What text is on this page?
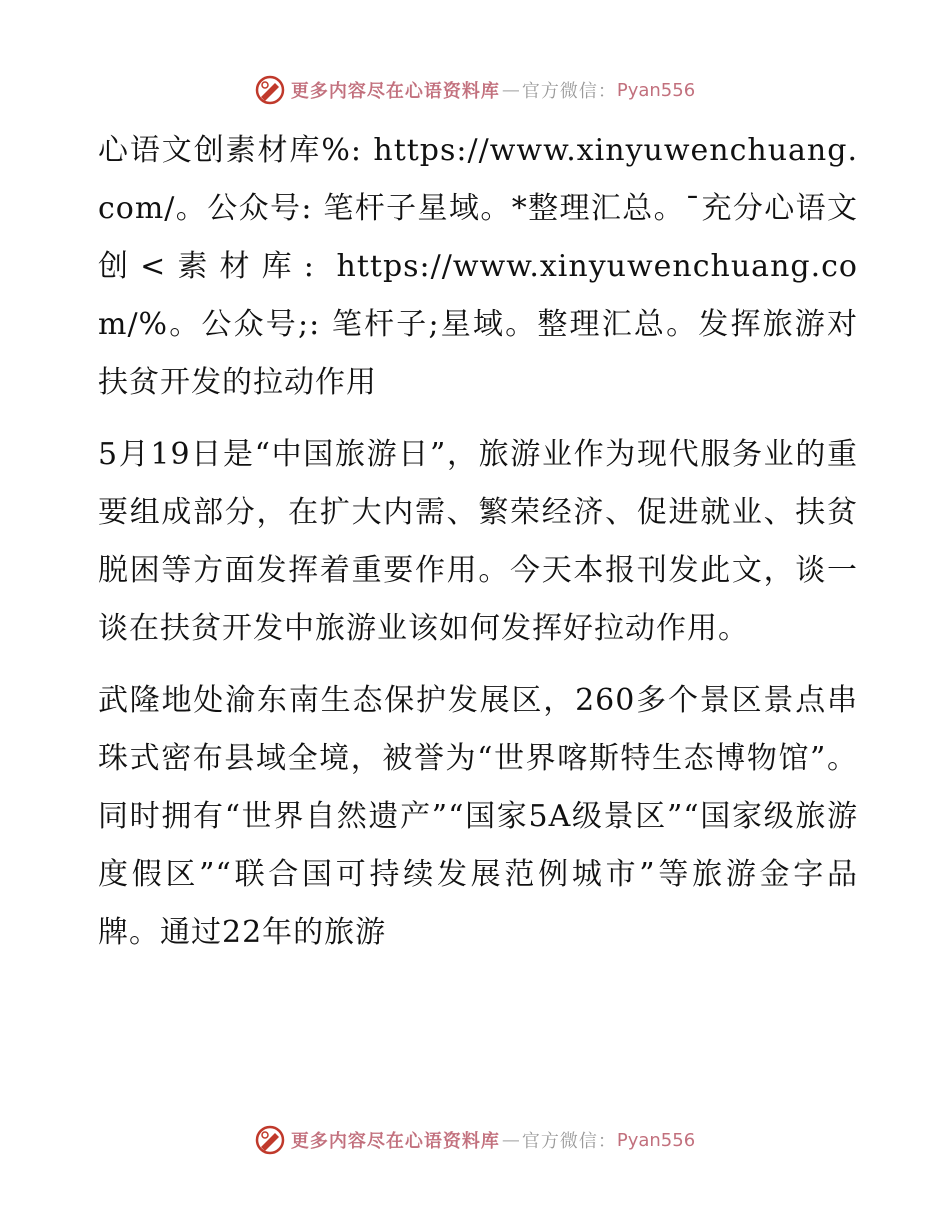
更多内容尽在心语资料库 — 官方微信： Pyan556

心语文创素材库%: https://www.xinyuwenchuang.com/。公众号: 笔杆子星域。*整理汇总。¯充分心语文创<素材库: https://www.xinyuwenchuang.com/%。公众号;: 笔杆子;星域。整理汇总。发挥旅游对扶贫开发的拉动作用

5月19日是“中国旅游日”，旅游业作为现代服务业的重要组成部分，在扩大内需、繁荣经济、促进就业、扶贫脱困等方面发挥着重要作用。今天本报刊发此文，谈一谈在扶贫开发中旅游业该如何发挥好拉动作用。

武隆地处渝东南生态保护发展区，260多个景区景点串珠式密布县域全境，被誉为“世界喀斯特生态博物馆”。同时拥有“世界自然遗产”“国家5A级景区”“国家级旅游度假区”“联合国可持续发展范例城市”等旅游金字品牌。通过22年的旅游

更多内容尽在心语资料库 — 官方微信： Pyan556
